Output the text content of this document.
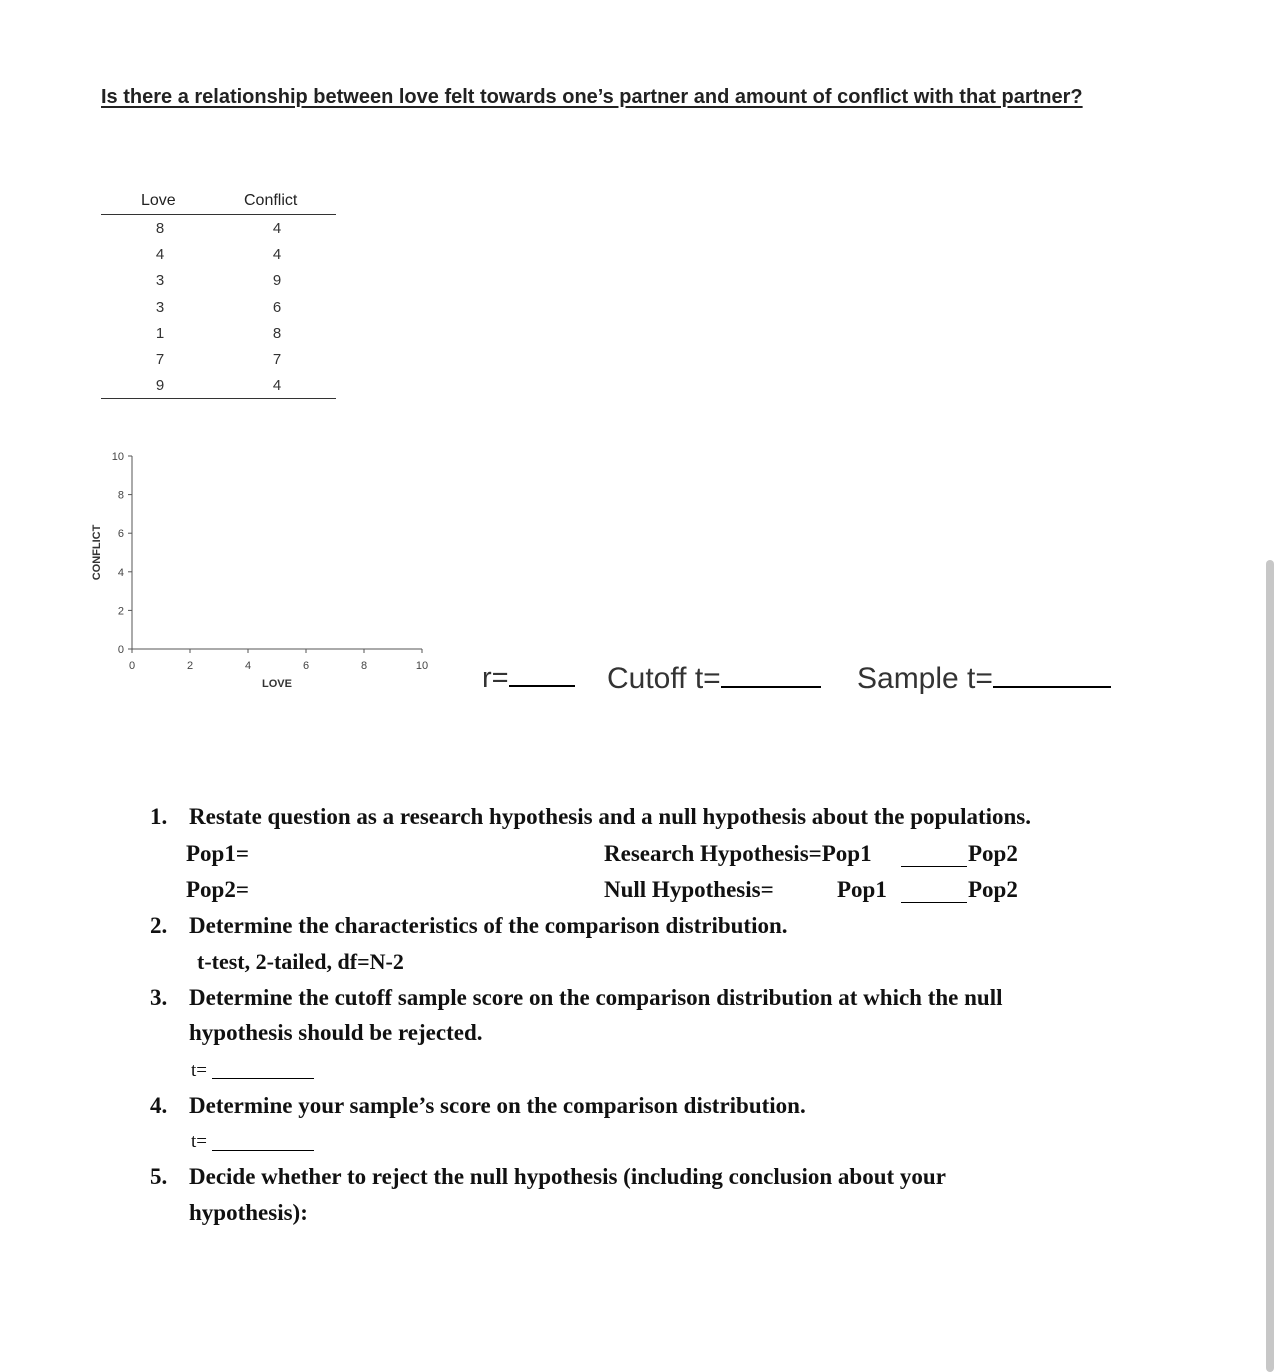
Is there a relationship between love felt towards one’s partner and amount of conflict with that partner?
Love	Conflict
8	4
4	4
3	9
3	6
1	8
7	7
9	4
0	2	4	6	8	10
0
2
4
6
8
10
LOVE
CONFLICT
r=	Cutoff t=	Sample t=
1. Restate question as a research hypothesis and a null hypothesis about the populations.
Pop1=	Research Hypothesis=Pop1	Pop2
Pop2=	Null Hypothesis=	Pop1	Pop2
2. Determine the characteristics of the comparison distribution.
t-test, 2-tailed, df=N-2
3. Determine the cutoff sample score on the comparison distribution at which the null
hypothesis should be rejected.
t=
4. Determine your sample’s score on the comparison distribution.
t=
5. Decide whether to reject the null hypothesis (including conclusion about your
hypothesis):
